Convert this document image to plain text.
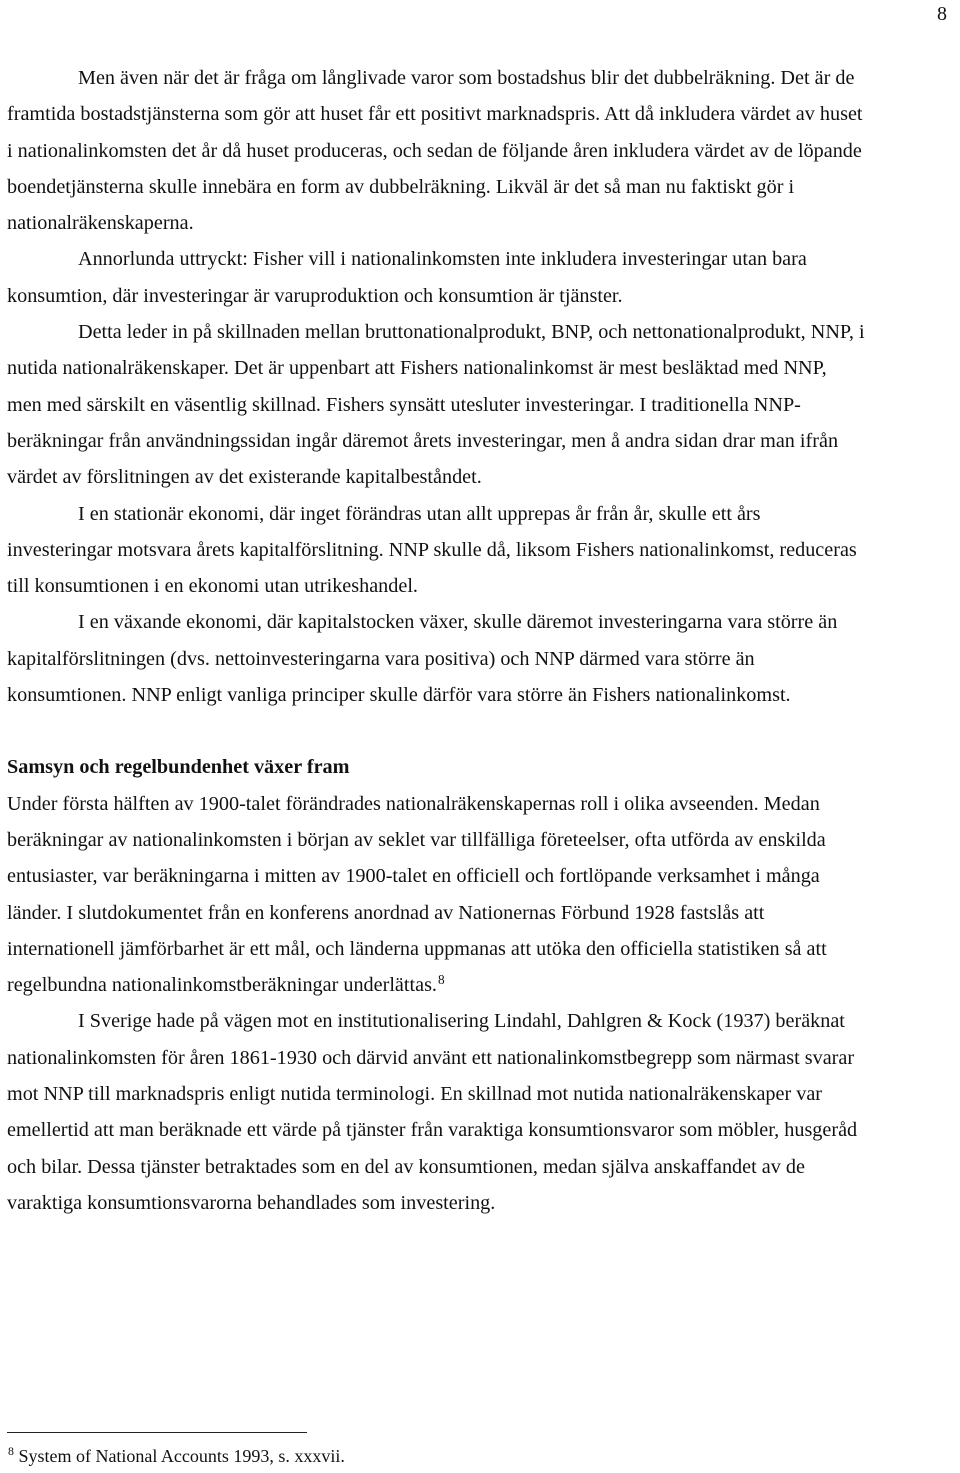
8

Men även när det är fråga om långlivade varor som bostadshus blir det dubbelräkning. Det är de framtida bostadstjänsterna som gör att huset får ett positivt marknadspris. Att då inkludera värdet av huset i nationalinkomsten det år då huset produceras, och sedan de följande åren inkludera värdet av de löpande boendetjänsterna skulle innebära en form av dubbelräkning. Likväl är det så man nu faktiskt gör i nationalräkenskaperna.

Annorlunda uttryckt: Fisher vill i nationalinkomsten inte inkludera investeringar utan bara konsumtion, där investeringar är varuproduktion och konsumtion är tjänster.

Detta leder in på skillnaden mellan bruttonationalprodukt, BNP, och nettonationalprodukt, NNP, i nutida nationalräkenskaper. Det är uppenbart att Fishers nationalinkomst är mest besläktad med NNP, men med särskilt en väsentlig skillnad. Fishers synsätt utesluter investeringar. I traditionella NNP-beräkningar från användningssidan ingår däremot årets investeringar, men å andra sidan drar man ifrån värdet av förslitningen av det existerande kapitalbeståndet.

I en stationär ekonomi, där inget förändras utan allt upprepas år från år, skulle ett års investeringar motsvara årets kapitalförslitning. NNP skulle då, liksom Fishers nationalinkomst, reduceras till konsumtionen i en ekonomi utan utrikeshandel.

I en växande ekonomi, där kapitalstocken växer, skulle däremot investeringarna vara större än kapitalförslitningen (dvs. nettoinvesteringarna vara positiva) och NNP därmed vara större än konsumtionen. NNP enligt vanliga principer skulle därför vara större än Fishers nationalinkomst.

Samsyn och regelbundenhet växer fram

Under första hälften av 1900-talet förändrades nationalräkenskapernas roll i olika avseenden. Medan beräkningar av nationalinkomsten i början av seklet var tillfälliga företeelser, ofta utförda av enskilda entusiaster, var beräkningarna i mitten av 1900-talet en officiell och fortlöpande verksamhet i många länder. I slutdokumentet från en konferens anordnad av Nationernas Förbund 1928 fastslås att internationell jämförbarhet är ett mål, och länderna uppmanas att utöka den officiella statistiken så att regelbundna nationalinkomstberäkningar underlättas.$^8$

I Sverige hade på vägen mot en institutionalisering Lindahl, Dahlgren & Kock (1937) beräknat nationalinkomsten för åren 1861-1930 och därvid använt ett nationalinkomstbegrepp som närmast svarar mot NNP till marknadspris enligt nutida terminologi. En skillnad mot nutida nationalräkenskaper var emellertid att man beräknade ett värde på tjänster från varaktiga konsumtionsvaror som möbler, husgeråd och bilar. Dessa tjänster betraktades som en del av konsumtionen, medan själva anskaffandet av de varaktiga konsumtionsvarorna behandlades som investering.

$^8$ System of National Accounts 1993, s. xxxvii.
